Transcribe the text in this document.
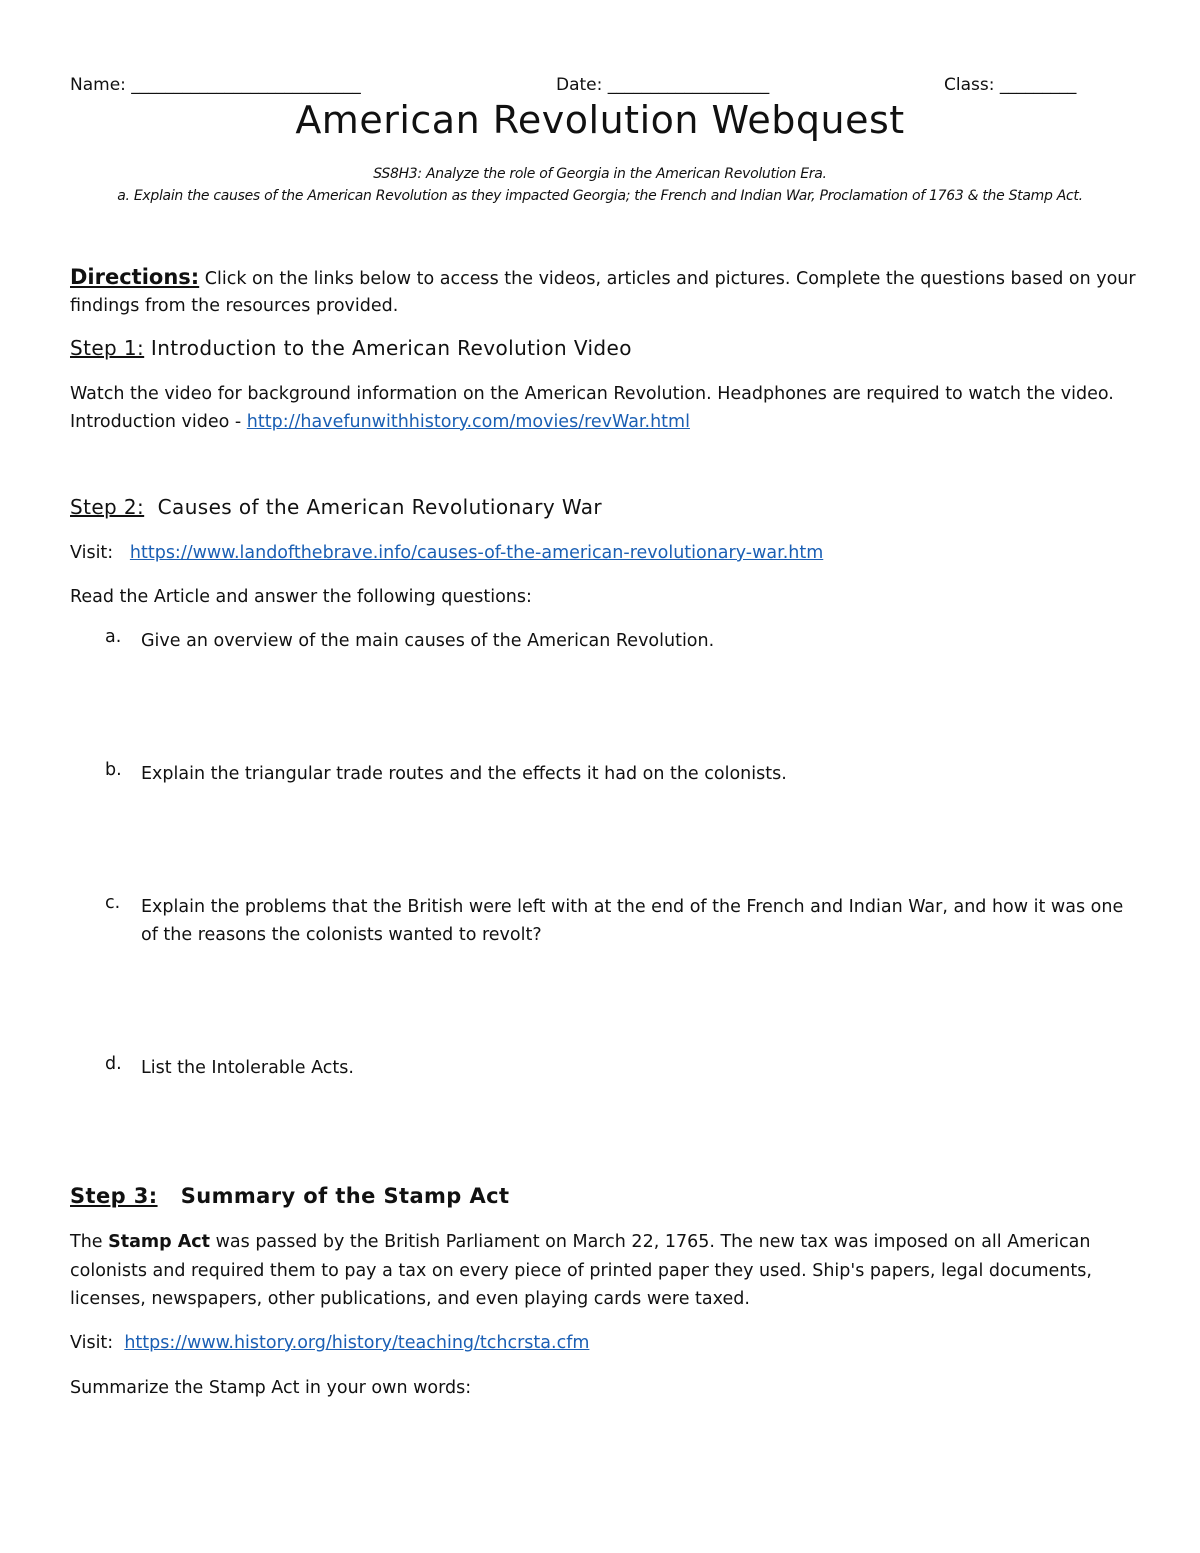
Name: ___________________________	Date: ___________________	Class: _________
American Revolution Webquest
SS8H3: Analyze the role of Georgia in the American Revolution Era.
a. Explain the causes of the American Revolution as they impacted Georgia; the French and Indian War, Proclamation of 1763 & the Stamp Act.
Directions: Click on the links below to access the videos, articles and pictures. Complete the questions based on your
findings from the resources provided.
Step 1: Introduction to the American Revolution Video
Watch the video for background information on the American Revolution. Headphones are required to watch the video.
Introduction video - http://havefunwithhistory.com/movies/revWar.html
Step 2:  Causes of the American Revolutionary War
Visit: https://www.landofthebrave.info/causes-of-the-american-revolutionary-war.htm
Read the Article and answer the following questions:
a. Give an overview of the main causes of the American Revolution.
b. Explain the triangular trade routes and the effects it had on the colonists.
c. Explain the problems that the British were left with at the end of the French and Indian War, and how it was one
of the reasons the colonists wanted to revolt?
d. List the Intolerable Acts.
Step 3: Summary of the Stamp Act
The Stamp Act was passed by the British Parliament on March 22, 1765. The new tax was imposed on all American
colonists and required them to pay a tax on every piece of printed paper they used. Ship's papers, legal documents,
licenses, newspapers, other publications, and even playing cards were taxed.
Visit: https://www.history.org/history/teaching/tchcrsta.cfm
Summarize the Stamp Act in your own words:
